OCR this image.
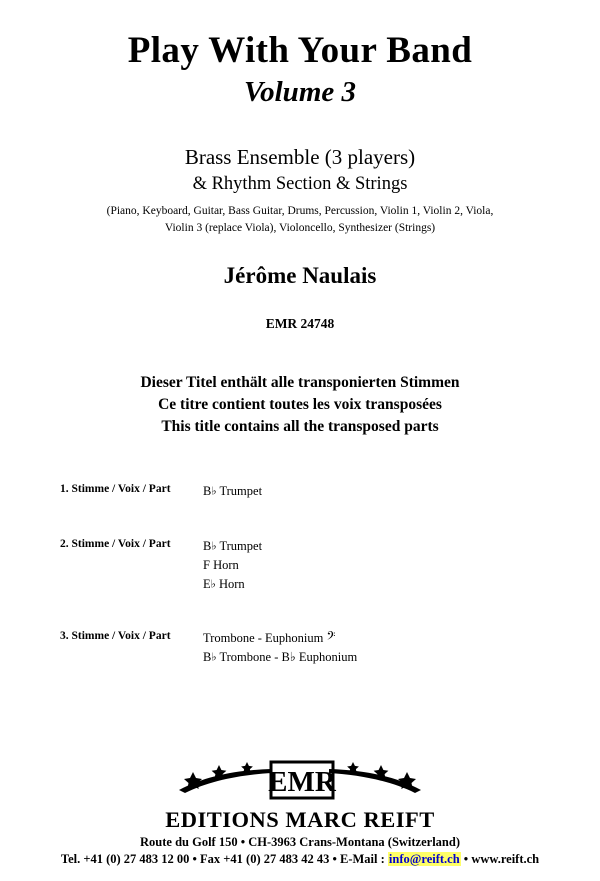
Play With Your Band
Volume 3
Brass Ensemble (3 players)
& Rhythm Section & Strings
(Piano, Keyboard, Guitar, Bass Guitar, Drums, Percussion, Violin 1, Violin 2, Viola, Violin 3 (replace Viola), Violoncello, Synthesizer (Strings)
Jérôme Naulais
EMR 24748
Dieser Titel enthält alle transponierten Stimmen
Ce titre contient toutes les voix transposées
This title contains all the transposed parts
1. Stimme / Voix / Part	B♭ Trumpet
2. Stimme / Voix / Part	B♭ Trumpet
F Horn
E♭ Horn
3. Stimme / Voix / Part	Trombone - Euphonium 𝄢
B♭ Trombone - B♭ Euphonium
EMR
EDITIONS MARC REIFT
Route du Golf 150 • CH-3963 Crans-Montana (Switzerland)
Tel. +41 (0) 27 483 12 00 • Fax +41 (0) 27 483 42 43 • E-Mail : info@reift.ch • www.reift.ch
